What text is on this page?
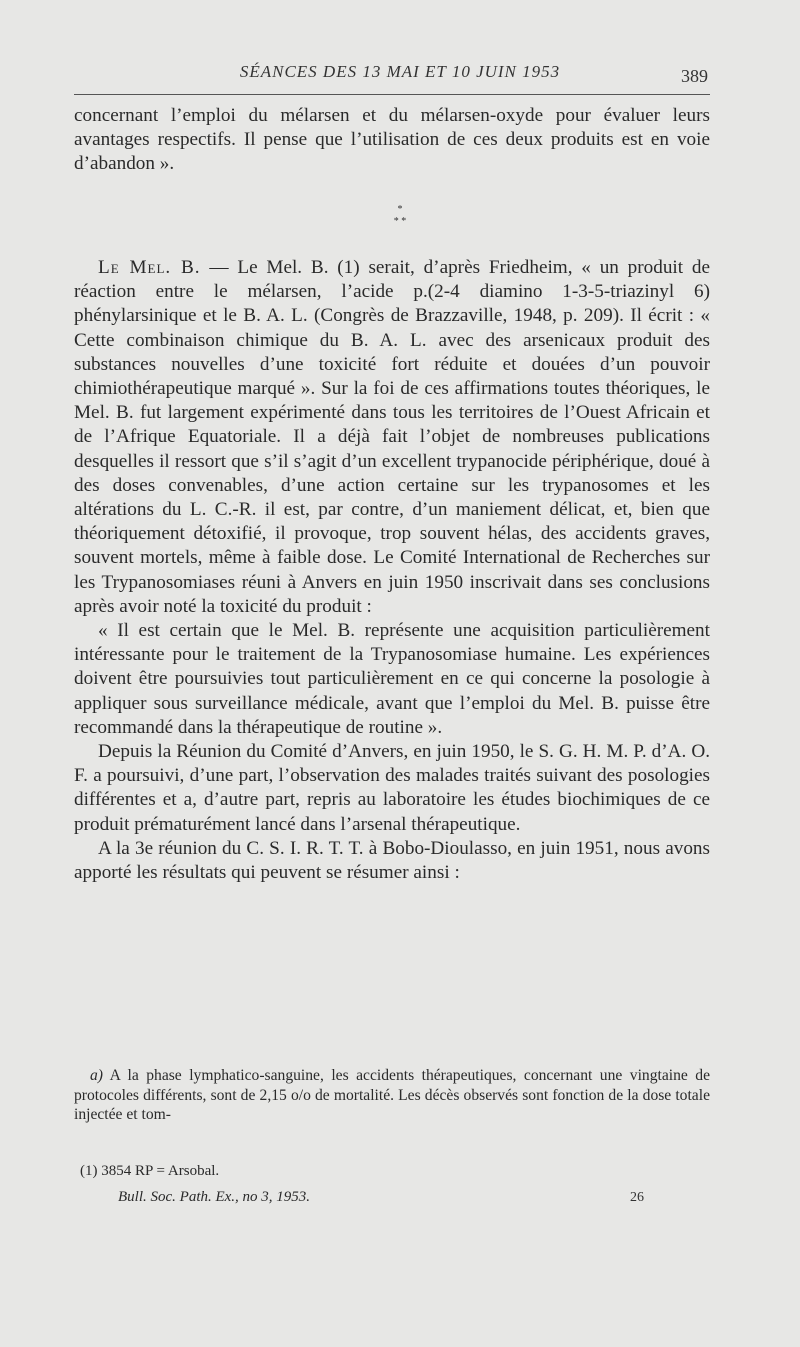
SÉANCES DES 13 MAI ET 10 JUIN 1953	389

concernant l’emploi du mélarsen et du mélarsen-oxyde pour évaluer leurs avantages respectifs. Il pense que l’utilisation de ces deux produits est en voie d’abandon ».

*
* *

Le Mel. B. — Le Mel. B. (1) serait, d’après Friedheim, « un produit de réaction entre le mélarsen, l’acide p.(2-4 diamino 1-3-5-triazinyl 6) phénylarsinique et le B. A. L. (Congrès de Brazzaville, 1948, p. 209). Il écrit : « Cette combinaison chimique du B. A. L. avec des arsenicaux produit des substances nouvelles d’une toxicité fort réduite et douées d’un pouvoir chimiothérapeutique marqué ». Sur la foi de ces affirmations toutes théoriques, le Mel. B. fut largement expérimenté dans tous les territoires de l’Ouest Africain et de l’Afrique Equatoriale. Il a déjà fait l’objet de nombreuses publications desquelles il ressort que s’il s’agit d’un excellent trypanocide périphérique, doué à des doses convenables, d’une action certaine sur les trypanosomes et les altérations du L. C.-R. il est, par contre, d’un maniement délicat, et, bien que théoriquement détoxifié, il provoque, trop souvent hélas, des accidents graves, souvent mortels, même à faible dose. Le Comité International de Recherches sur les Trypanosomiases réuni à Anvers en juin 1950 inscrivait dans ses conclusions après avoir noté la toxicité du produit :

« Il est certain que le Mel. B. représente une acquisition particulièrement intéressante pour le traitement de la Trypanosomiase humaine. Les expériences doivent être poursuivies tout particulièrement en ce qui concerne la posologie à appliquer sous surveillance médicale, avant que l’emploi du Mel. B. puisse être recommandé dans la thérapeutique de routine ».

Depuis la Réunion du Comité d’Anvers, en juin 1950, le S. G. H. M. P. d’A. O. F. a poursuivi, d’une part, l’observation des malades traités suivant des posologies différentes et a, d’autre part, repris au laboratoire les études biochimiques de ce produit prématurément lancé dans l’arsenal thérapeutique.

A la 3e réunion du C. S. I. R. T. T. à Bobo-Dioulasso, en juin 1951, nous avons apporté les résultats qui peuvent se résumer ainsi :

a) A la phase lymphatico-sanguine, les accidents thérapeutiques, concernant une vingtaine de protocoles différents, sont de 2,15 o/o de mortalité. Les décès observés sont fonction de la dose totale injectée et tom-

(1) 3854 RP = Arsobal.
Bull. Soc. Path. Ex., no 3, 1953.	26
